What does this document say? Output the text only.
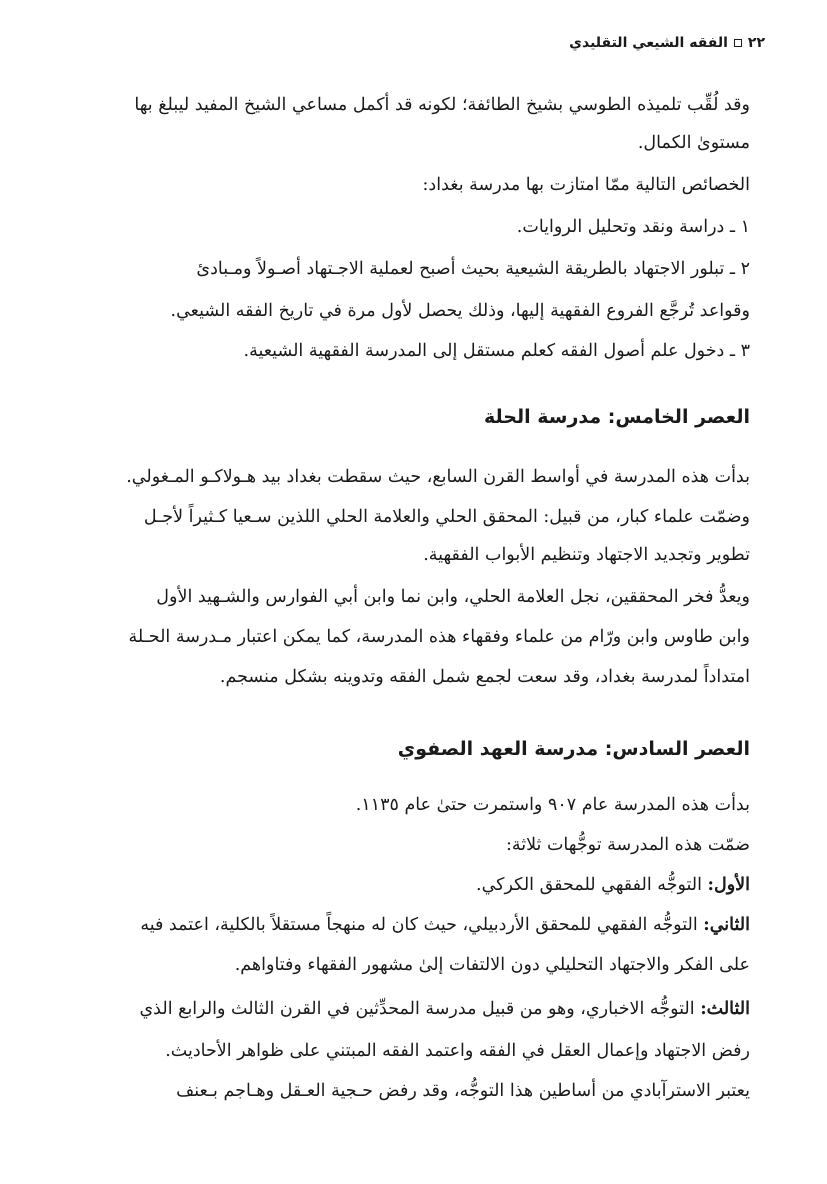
٢٢
الفقه الشيعي التقليدي
وقد لُقِّب تلميذه الطوسي بشيخ الطائفة؛ لكونه قد أكمل مساعي الشيخ المفيد ليبلغ بها
مستوىٰ الكمال.
الخصائص التالية ممّا امتازت بها مدرسة بغداد:
١ ـ دراسة ونقد وتحليل الروايات.
٢ ـ تبلور الاجتهاد بالطريقة الشيعية بحيث أصبح لعملية الاجـتهاد أصـولاً ومـبادئ
وقواعد تُرجَّع الفروع الفقهية إليها، وذلك يحصل لأول مرة في تاريخ الفقه الشيعي.
٣ ـ دخول علم أصول الفقه كعلم مستقل إلى المدرسة الفقهية الشيعية.
العصر الخامس: مدرسة الحلة
بدأت هذه المدرسة في أواسط القرن السابع، حيث سقطت بغداد بيد هـولاكـو المـغولي.
وضمّت علماء كبار، من قبيل: المحقق الحلي والعلامة الحلي اللذين سـعيا كـثيراً لأجـل
تطوير وتجديد الاجتهاد وتنظيم الأبواب الفقهية.
ويعدُّ فخر المحققين، نجل العلامة الحلي، وابن نما وابن أبي الفوارس والشـهيد الأول
وابن طاوس وابن ورّام من علماء وفقهاء هذه المدرسة، كما يمكن اعتبار مـدرسة الحـلة
امتداداً لمدرسة بغداد، وقد سعت لجمع شمل الفقه وتدوينه بشكل منسجم.
العصر السادس: مدرسة العهد الصفوي
بدأت هذه المدرسة عام ٩٠٧ واستمرت حتىٰ عام ١١٣٥.
ضمّت هذه المدرسة توجُّهات ثلاثة:
الأول: التوجُّه الفقهي للمحقق الكركي.
الثاني: التوجُّه الفقهي للمحقق الأردبيلي، حيث كان له منهجاً مستقلاً بالكلية، اعتمد فيه
على الفكر والاجتهاد التحليلي دون الالتفات إلىٰ مشهور الفقهاء وفتاواهم.
الثالث: التوجُّه الاخباري، وهو من قبيل مدرسة المحدِّثين في القرن الثالث والرابع الذي
رفض الاجتهاد وإعمال العقل في الفقه واعتمد الفقه المبتني على ظواهر الأحاديث.
يعتبر الاسترآبادي من أساطين هذا التوجُّه، وقد رفض حـجية العـقل وهـاجم بـعنف
